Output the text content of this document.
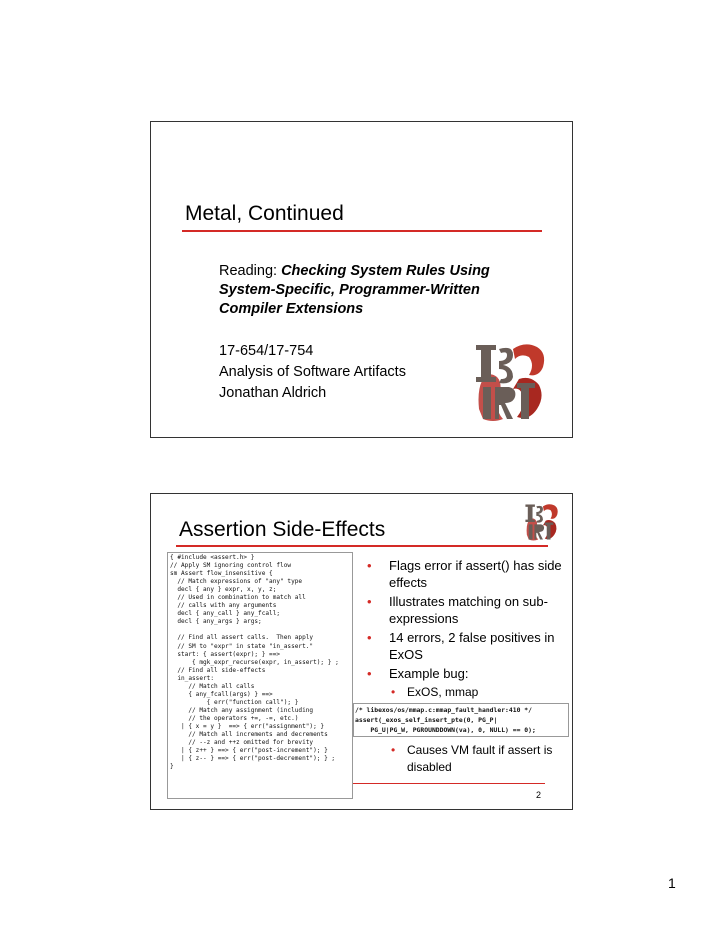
Metal, Continued
Reading: Checking System Rules Using System-Specific, Programmer-Written Compiler Extensions
17-654/17-754
Analysis of Software Artifacts
Jonathan Aldrich
Assertion Side-Effects
{ #include <assert.h> }
// Apply SM ignoring control flow
sm Assert flow_insensitive {
// Match expressions of "any" type
decl { any } expr, x, y, z;
// Used in combination to match all
// calls with any arguments
decl { any_call } any_fcall;
decl { any_args } args;

// Find all assert calls.  Then apply
// SM to "expr" in state "in_assert."
start: { assert(expr); } ==>
{ mgk_expr_recurse(expr, in_assert); } ;
// Find all side-effects
in_assert:
// Match all calls
{ any_fcall(args) } ==>
{ err("function call"); }
// Match any assignment (including
// the operators +=, -=, etc.)
| { x = y }  ==> { err("assignment"); }
// Match all increments and decrements
// --z and ++z omitted for brevity
| { z++ } ==> { err("post-increment"); }
| { z-- } ==> { err("post-decrement"); } ;
}
• Flags error if assert() has side effects
• Illustrates matching on sub-expressions
• 14 errors, 2 false positives in ExOS
• Example bug:
• ExOS, mmap
/* libexos/os/mmap.c:mmap_fault_handler:410 */
assert(_exos_self_insert_pte(0, PG_P|
PG_U|PG_W, PGROUNDDOWN(va), 0, NULL) == 0);
• Causes VM fault if assert is disabled
2
1
